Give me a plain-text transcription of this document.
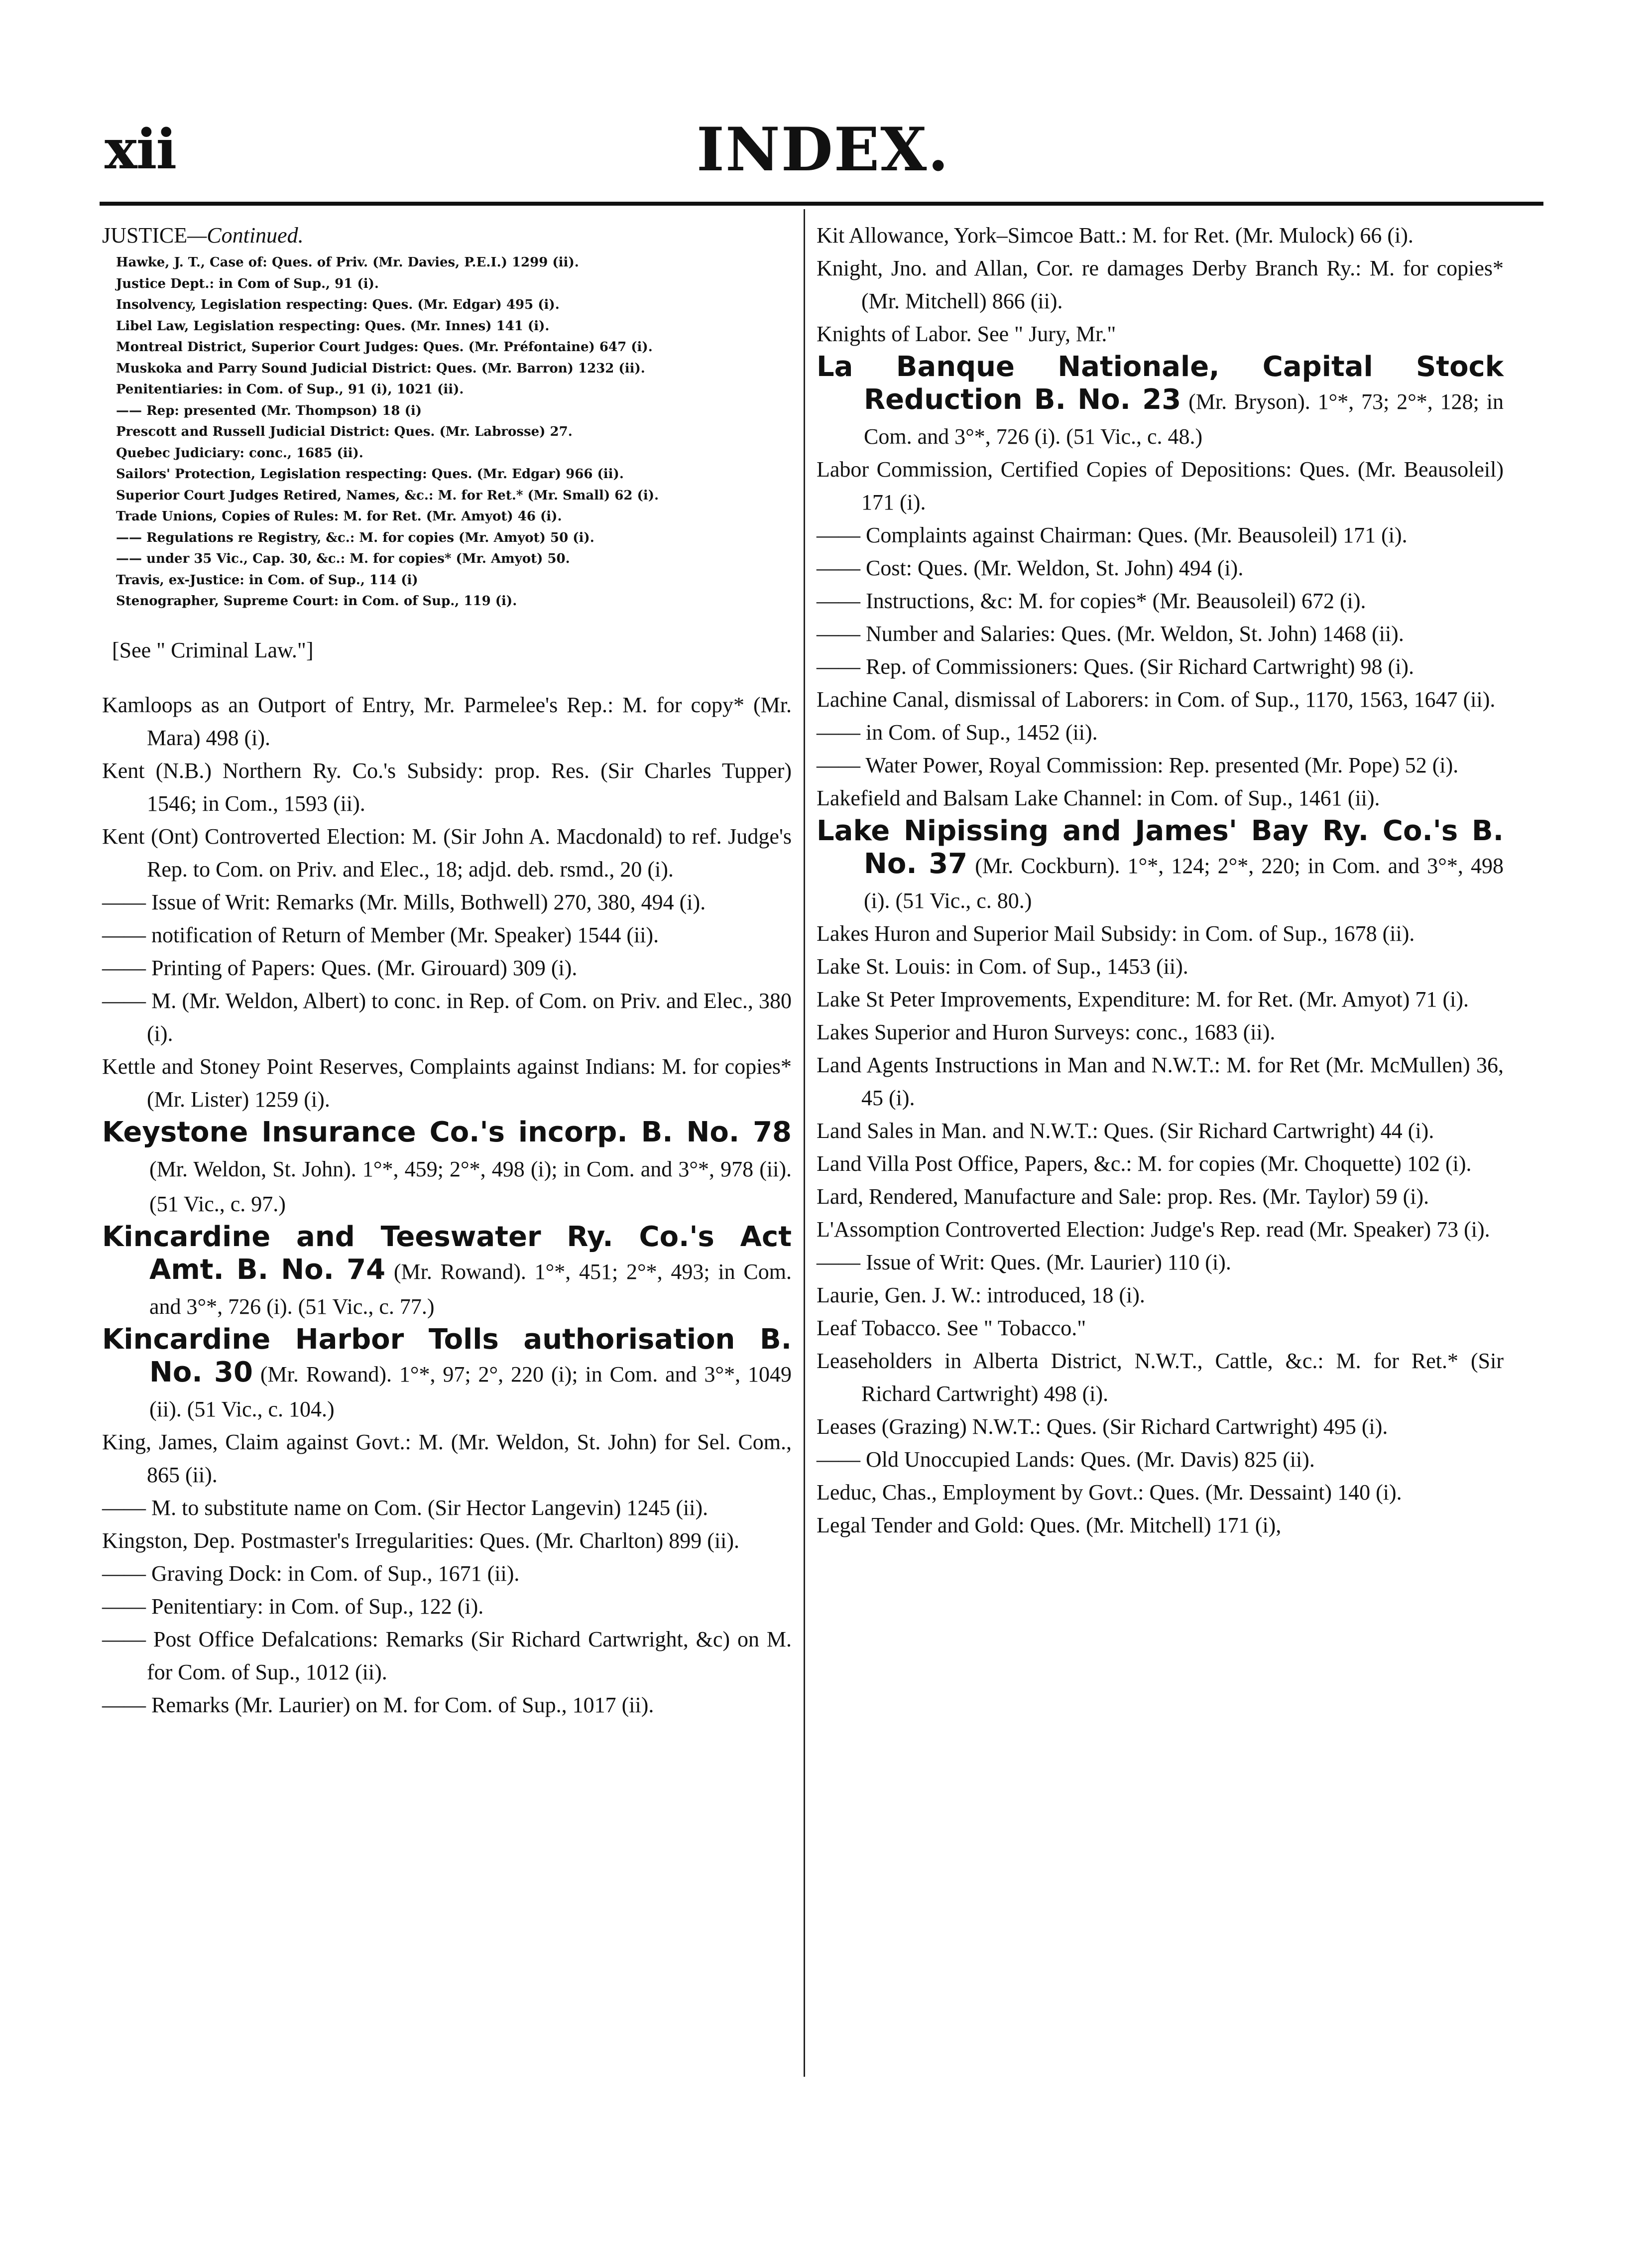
xii	INDEX.

JUSTICE—Continued.

Hawke, J. T., Case of: Ques. of Priv. (Mr. Davies, P.E.I.) 1299 (ii).

Justice Dept.: in Com of Sup., 91 (i).

Insolvency, Legislation respecting: Ques. (Mr. Edgar) 495 (i).

Libel Law, Legislation respecting: Ques. (Mr. Innes) 141 (i).

Montreal District, Superior Court Judges: Ques. (Mr. Préfontaine) 647 (i).

Muskoka and Parry Sound Judicial District: Ques. (Mr. Barron) 1232 (ii).

Penitentiaries: in Com. of Sup., 91 (i), 1021 (ii).

—— Rep: presented (Mr. Thompson) 18 (i)

Prescott and Russell Judicial District: Ques. (Mr. Labrosse) 27.

Quebec Judiciary: conc., 1685 (ii).

Sailors' Protection, Legislation respecting: Ques. (Mr. Edgar) 966 (ii).

Superior Court Judges Retired, Names, &c.: M. for Ret.* (Mr. Small) 62 (i).

Trade Unions, Copies of Rules: M. for Ret. (Mr. Amyot) 46 (i).

—— Regulations re Registry, &c.: M. for copies (Mr. Amyot) 50 (i).

—— under 35 Vic., Cap. 30, &c.: M. for copies* (Mr. Amyot) 50.

Travis, ex-Justice: in Com. of Sup., 114 (i)

Stenographer, Supreme Court: in Com. of Sup., 119 (i).

[See " Criminal Law."]

Kamloops as an Outport of Entry, Mr. Parmelee's Rep.: M. for copy* (Mr. Mara) 498 (i).

Kent (N.B.) Northern Ry. Co.'s Subsidy: prop. Res. (Sir Charles Tupper) 1546; in Com., 1593 (ii).

Kent (Ont) Controverted Election: M. (Sir John A. Macdonald) to ref. Judge's Rep. to Com. on Priv. and Elec., 18; adjd. deb. rsmd., 20 (i).

—— Issue of Writ: Remarks (Mr. Mills, Bothwell) 270, 380, 494 (i).

—— notification of Return of Member (Mr. Speaker) 1544 (ii).

—— Printing of Papers: Ques. (Mr. Girouard) 309 (i).

—— M. (Mr. Weldon, Albert) to conc. in Rep. of Com. on Priv. and Elec., 380 (i).

Kettle and Stoney Point Reserves, Complaints against Indians: M. for copies* (Mr. Lister) 1259 (i).

Keystone Insurance Co.'s incorp. B. No. 78 (Mr. Weldon, St. John). 1°*, 459; 2°*, 498 (i); in Com. and 3°*, 978 (ii). (51 Vic., c. 97.)

Kincardine and Teeswater Ry. Co.'s Act Amt. B. No. 74 (Mr. Rowand). 1°*, 451; 2°*, 493; in Com. and 3°*, 726 (i). (51 Vic., c. 77.)

Kincardine Harbor Tolls authorisation B. No. 30 (Mr. Rowand). 1°*, 97; 2°, 220 (i); in Com. and 3°*, 1049 (ii). (51 Vic., c. 104.)

King, James, Claim against Govt.: M. (Mr. Weldon, St. John) for Sel. Com., 865 (ii).

—— M. to substitute name on Com. (Sir Hector Langevin) 1245 (ii).

Kingston, Dep. Postmaster's Irregularities: Ques. (Mr. Charlton) 899 (ii).

—— Graving Dock: in Com. of Sup., 1671 (ii).

—— Penitentiary: in Com. of Sup., 122 (i).

—— Post Office Defalcations: Remarks (Sir Richard Cartwright, &c) on M. for Com. of Sup., 1012 (ii).

—— Remarks (Mr. Laurier) on M. for Com. of Sup., 1017 (ii).

Kit Allowance, York–Simcoe Batt.: M. for Ret. (Mr. Mulock) 66 (i).

Knight, Jno. and Allan, Cor. re damages Derby Branch Ry.: M. for copies* (Mr. Mitchell) 866 (ii).

Knights of Labor. See " Jury, Mr."

La Banque Nationale, Capital Stock Reduction B. No. 23 (Mr. Bryson). 1°*, 73; 2°*, 128; in Com. and 3°*, 726 (i). (51 Vic., c. 48.)

Labor Commission, Certified Copies of Depositions: Ques. (Mr. Beausoleil) 171 (i).

—— Complaints against Chairman: Ques. (Mr. Beausoleil) 171 (i).

—— Cost: Ques. (Mr. Weldon, St. John) 494 (i).

—— Instructions, &c: M. for copies* (Mr. Beausoleil) 672 (i).

—— Number and Salaries: Ques. (Mr. Weldon, St. John) 1468 (ii).

—— Rep. of Commissioners: Ques. (Sir Richard Cartwright) 98 (i).

Lachine Canal, dismissal of Laborers: in Com. of Sup., 1170, 1563, 1647 (ii).

—— in Com. of Sup., 1452 (ii).

—— Water Power, Royal Commission: Rep. presented (Mr. Pope) 52 (i).

Lakefield and Balsam Lake Channel: in Com. of Sup., 1461 (ii).

Lake Nipissing and James' Bay Ry. Co.'s B. No. 37 (Mr. Cockburn). 1°*, 124; 2°*, 220; in Com. and 3°*, 498 (i). (51 Vic., c. 80.)

Lakes Huron and Superior Mail Subsidy: in Com. of Sup., 1678 (ii).

Lake St. Louis: in Com. of Sup., 1453 (ii).

Lake St Peter Improvements, Expenditure: M. for Ret. (Mr. Amyot) 71 (i).

Lakes Superior and Huron Surveys: conc., 1683 (ii).

Land Agents Instructions in Man and N.W.T.: M. for Ret (Mr. McMullen) 36, 45 (i).

Land Sales in Man. and N.W.T.: Ques. (Sir Richard Cartwright) 44 (i).

Land Villa Post Office, Papers, &c.: M. for copies (Mr. Choquette) 102 (i).

Lard, Rendered, Manufacture and Sale: prop. Res. (Mr. Taylor) 59 (i).

L'Assomption Controverted Election: Judge's Rep. read (Mr. Speaker) 73 (i).

—— Issue of Writ: Ques. (Mr. Laurier) 110 (i).

Laurie, Gen. J. W.: introduced, 18 (i).

Leaf Tobacco. See " Tobacco."

Leaseholders in Alberta District, N.W.T., Cattle, &c.: M. for Ret.* (Sir Richard Cartwright) 498 (i).

Leases (Grazing) N.W.T.: Ques. (Sir Richard Cartwright) 495 (i).

—— Old Unoccupied Lands: Ques. (Mr. Davis) 825 (ii).

Leduc, Chas., Employment by Govt.: Ques. (Mr. Dessaint) 140 (i).

Legal Tender and Gold: Ques. (Mr. Mitchell) 171 (i),
